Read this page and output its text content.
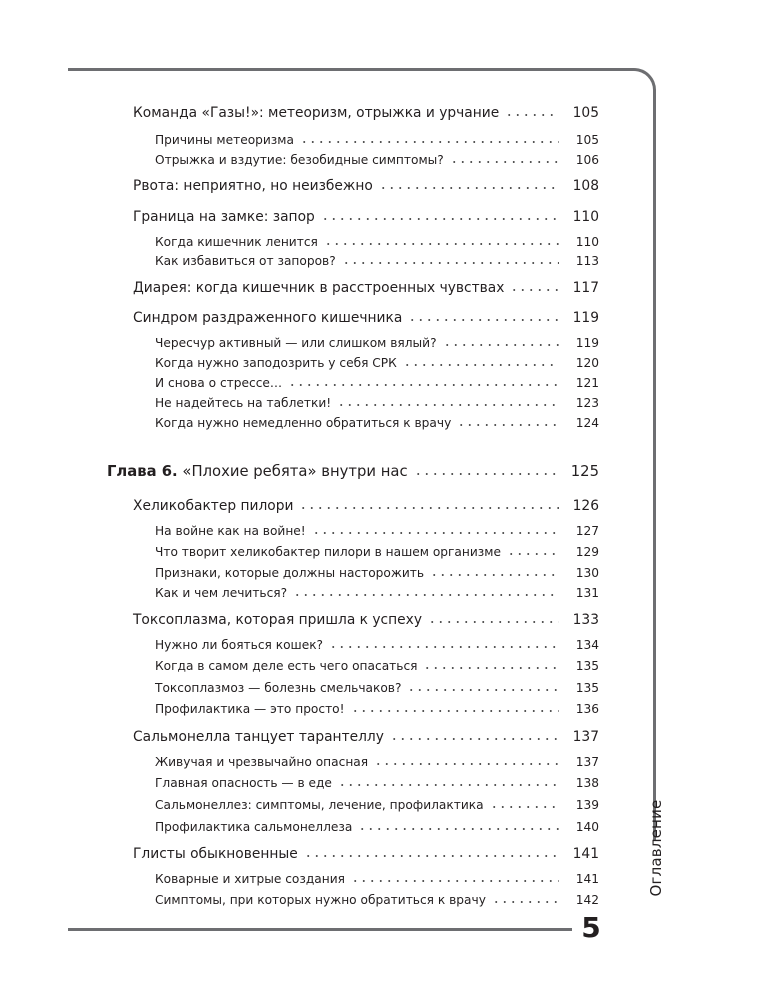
Оглавление
5
Команда «Газы!»: метеоризм, отрыжка и урчание	105
Причины метеоризма	105
Отрыжка и вздутие: безобидные симптомы?	106
Рвота: неприятно, но неизбежно	108
Граница на замке: запор	110
Когда кишечник ленится	110
Как избавиться от запоров?	113
Диарея: когда кишечник в расстроенных чувствах	117
Синдром раздраженного кишечника	119
Чересчур активный — или слишком вялый?	119
Когда нужно заподозрить у себя СРК	120
И снова о стрессе…	121
Не надейтесь на таблетки!	123
Когда нужно немедленно обратиться к врачу	124
Глава 6. «Плохие ребята» внутри нас	125
Хеликобактер пилори	126
На войне как на войне!	127
Что творит хеликобактер пилори в нашем организме	129
Признаки, которые должны насторожить	130
Как и чем лечиться?	131
Токсоплазма, которая пришла к успеху	133
Нужно ли бояться кошек?	134
Когда в самом деле есть чего опасаться	135
Токсоплазмоз — болезнь смельчаков?	135
Профилактика — это просто!	136
Сальмонелла танцует тарантеллу	137
Живучая и чрезвычайно опасная	137
Главная опасность — в еде	138
Сальмонеллез: симптомы, лечение, профилактика	139
Профилактика сальмонеллеза	140
Глисты обыкновенные	141
Коварные и хитрые создания	141
Симптомы, при которых нужно обратиться к врачу	142
